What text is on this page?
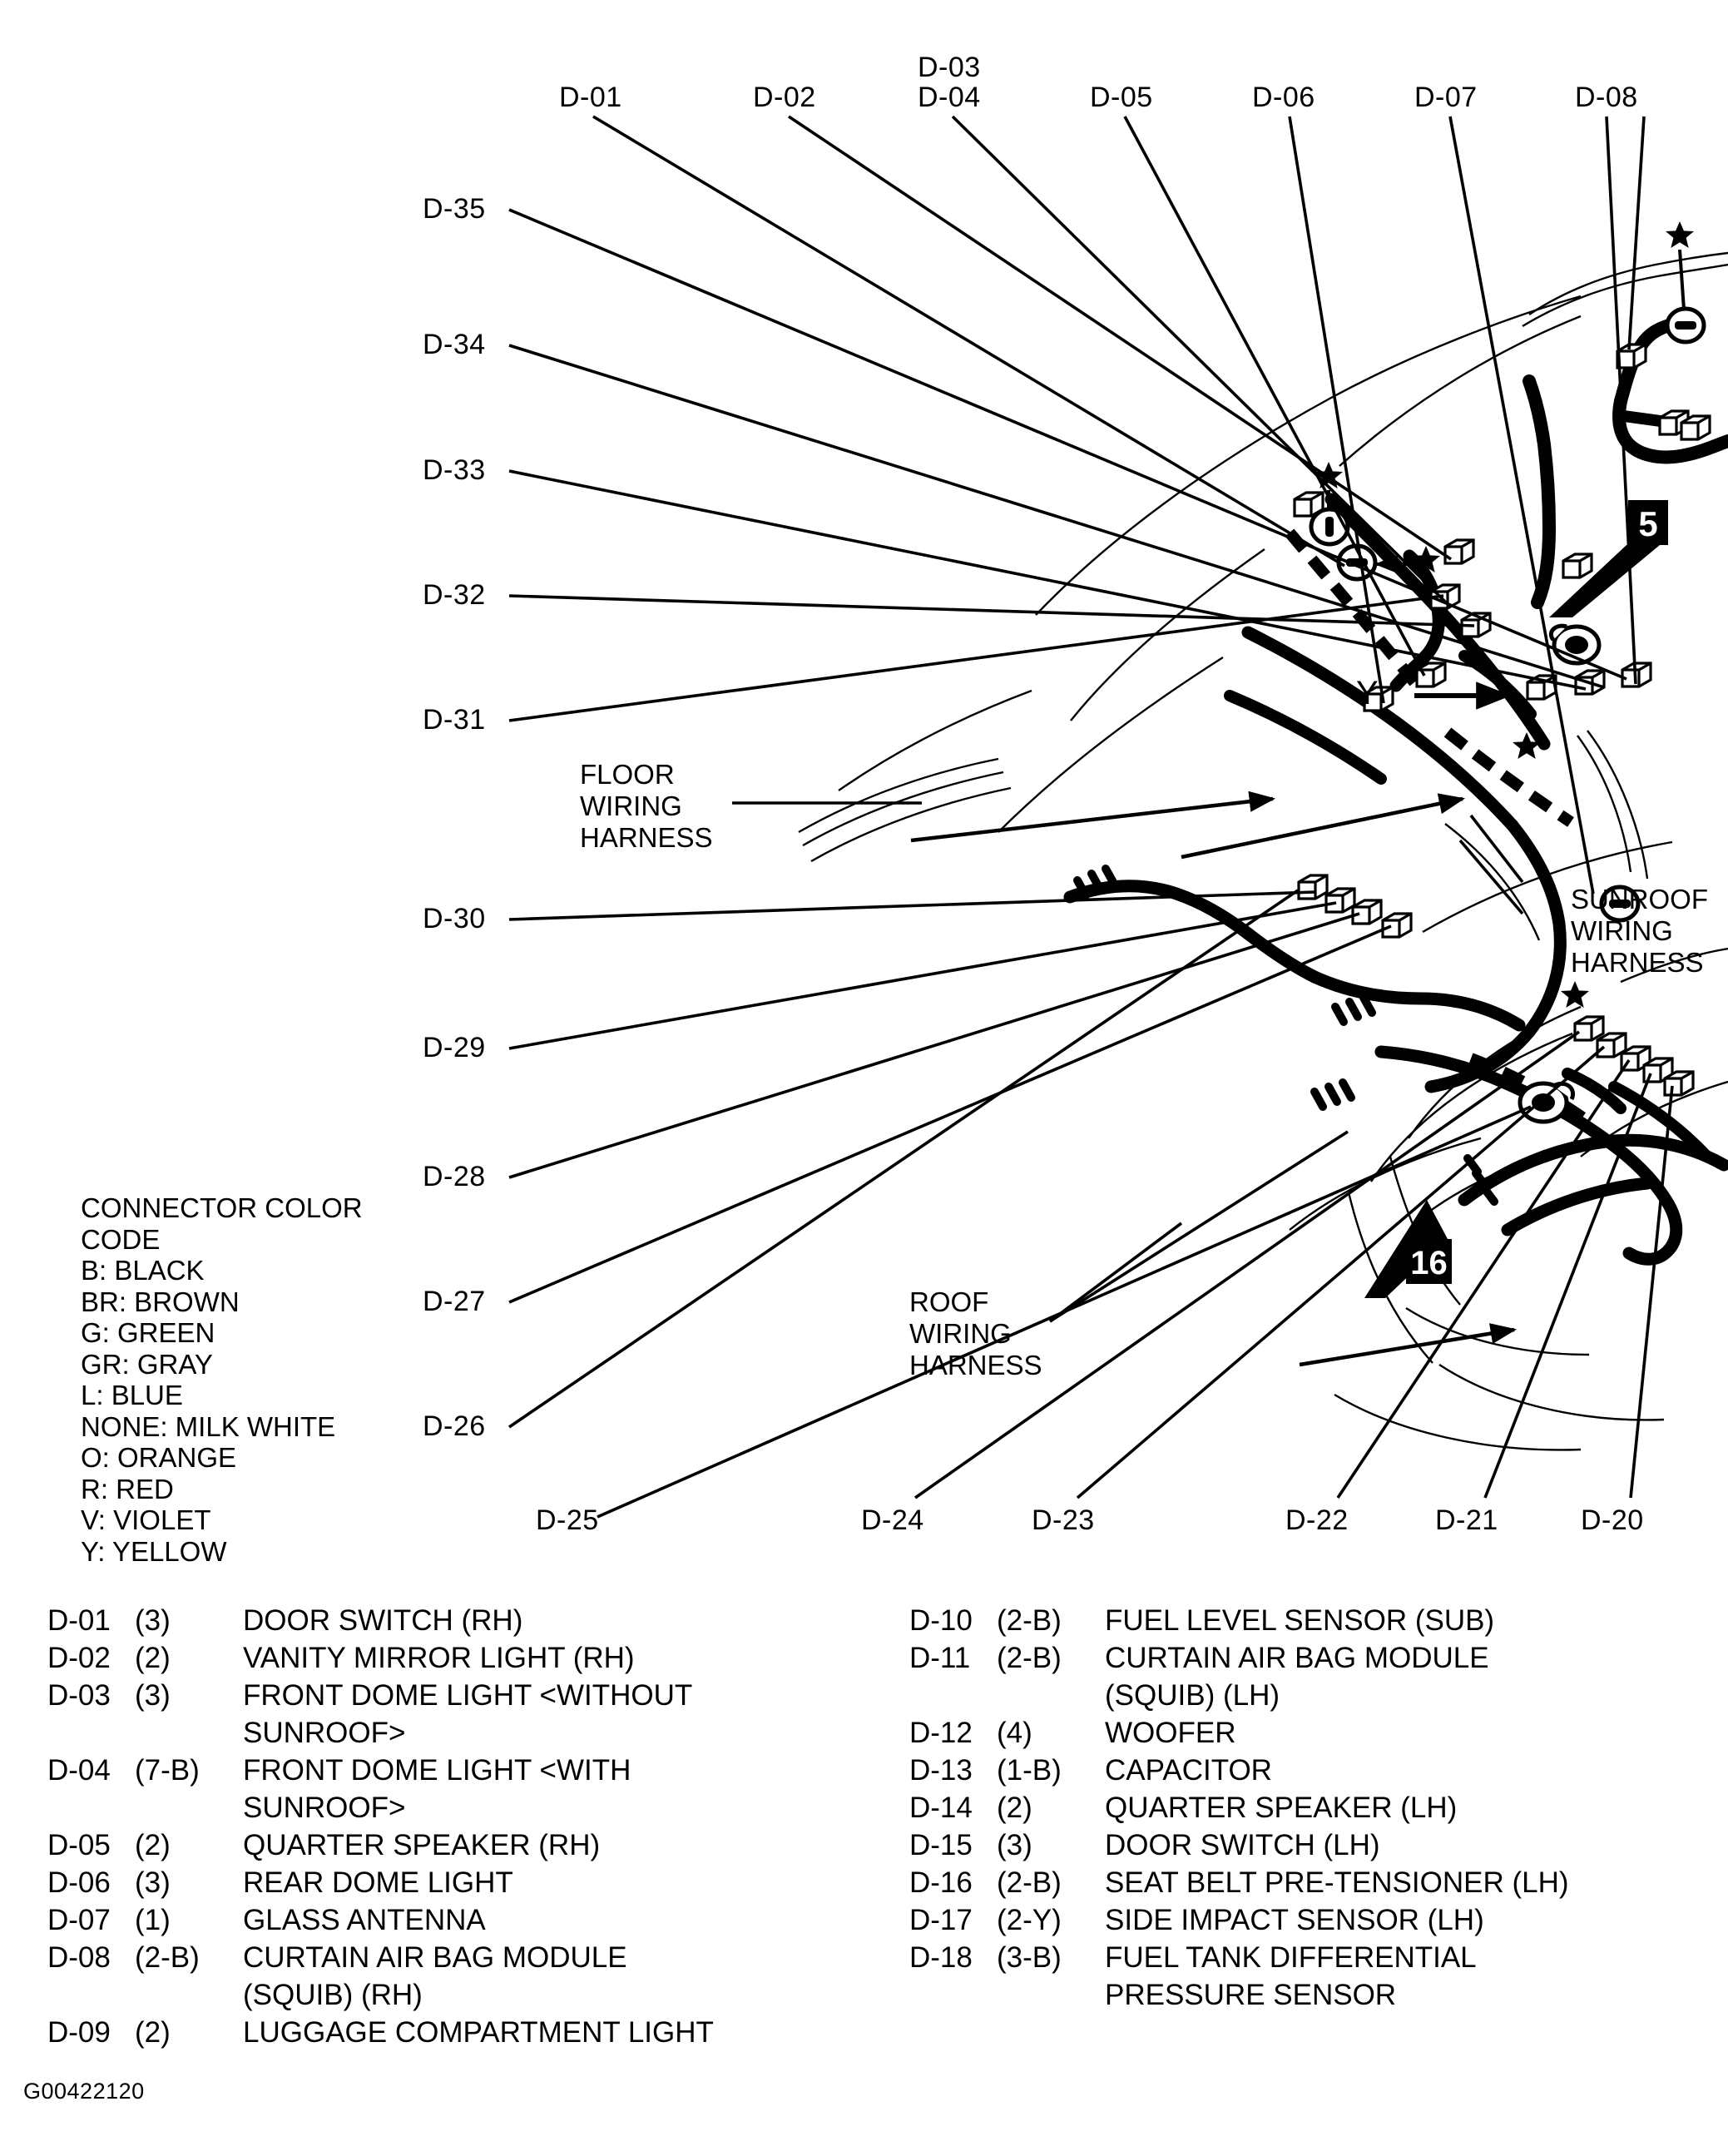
D-01	D-02
D-03
D-04	D-05	D-06	D-07	D-08
D-35
D-34
D-33
D-32
D-31
D-30
D-29
D-28
D-27
D-26
D-25	D-24	D-23	D-22	D-21	D-20
FLOOR
WIRING
HARNESS
ROOF
WIRING
HARNESS
SUNROOF
WIRING
HARNESS
Y
5
16
CONNECTOR COLOR
CODE
B: BLACK
BR: BROWN
G: GREEN
GR: GRAY
L: BLUE
NONE: MILK WHITE
O: ORANGE
R: RED
V: VIOLET
Y: YELLOW
D-01 (3)	DOOR SWITCH (RH)
D-02 (2)	VANITY MIRROR LIGHT (RH)
D-03 (3)	FRONT DOME LIGHT <WITHOUT
SUNROOF>
D-04 (7-B)	FRONT DOME LIGHT <WITH
SUNROOF>
D-05 (2)	QUARTER SPEAKER (RH)
D-06 (3)	REAR DOME LIGHT
D-07 (1)	GLASS ANTENNA
D-08 (2-B)	CURTAIN AIR BAG MODULE
(SQUIB) (RH)
D-09 (2)	LUGGAGE COMPARTMENT LIGHT
D-10 (2-B)	FUEL LEVEL SENSOR (SUB)
D-11 (2-B)	CURTAIN AIR BAG MODULE
(SQUIB) (LH)
D-12 (4)	WOOFER
D-13 (1-B)	CAPACITOR
D-14 (2)	QUARTER SPEAKER (LH)
D-15 (3)	DOOR SWITCH (LH)
D-16 (2-B)	SEAT BELT PRE-TENSIONER (LH)
D-17 (2-Y)	SIDE IMPACT SENSOR (LH)
D-18 (3-B)	FUEL TANK DIFFERENTIAL
PRESSURE SENSOR
G00422120
